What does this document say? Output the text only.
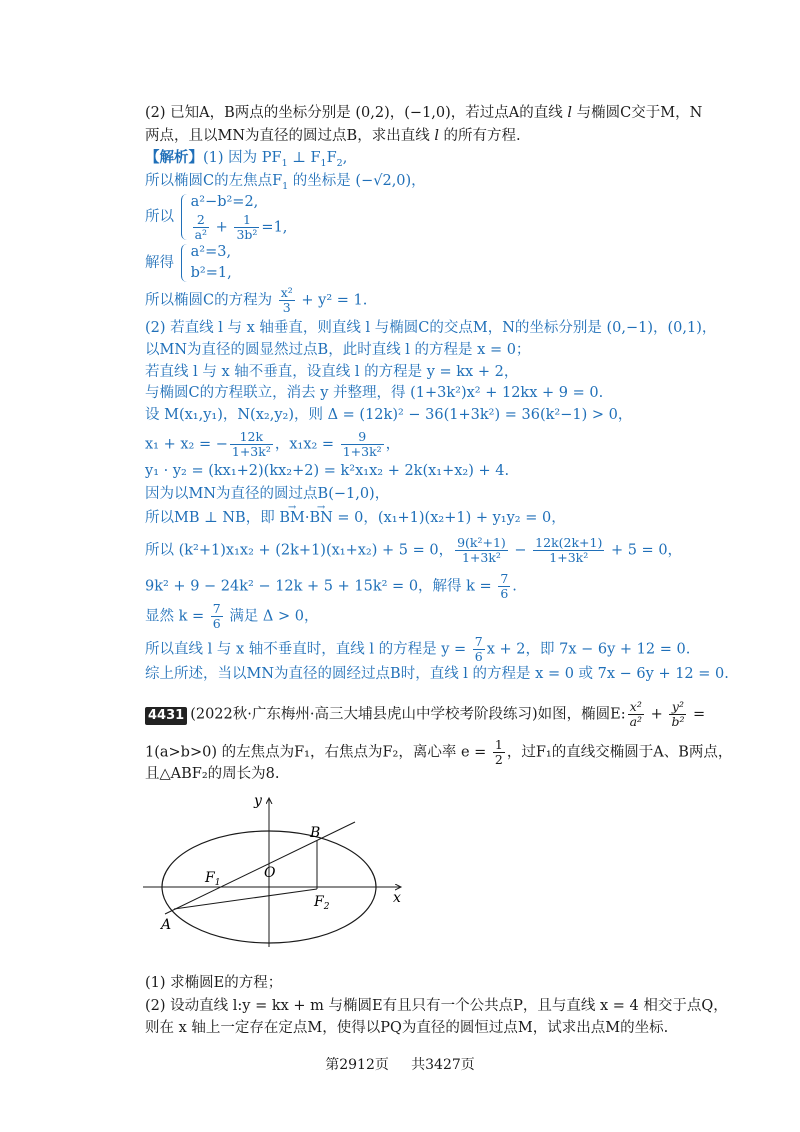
(2) 已知A，B两点的坐标分别是 (0,2)，(−1,0)，若过点A的直线 l 与椭圆C交于M，N
两点，且以MN为直径的圆过点B，求出直线 l 的所有方程.
【解析】(1) 因为 $PF_1$ ⊥ $F_1F_2$,
所以椭圆C的左焦点$F_1$ 的坐标是 (−√2,0)，
所以
a²−b²=2,
$\frac{2}{\text{a²}} + \frac{1}{\text{3b²}} =1$,
解得
a²=3,
b²=1,
所以椭圆C的方程为 $\frac{\text{x²}}{3} + y^2 = 1$.
(2) 若直线 l 与 x 轴垂直，则直线 l 与椭圆C的交点M，N的坐标分别是 (0,−1)，(0,1)，
以MN为直径的圆显然过点B，此时直线 l 的方程是 x = 0；
若直线 l 与 x 轴不垂直，设直线 l 的方程是 y = kx + 2，
与椭圆C的方程联立，消去 y 并整理，得 (1+3k²)x² + 12kx + 9 = 0.
设 M(x₁,y₁)，N(x₂,y₂)，则 Δ = (12k)² − 36(1+3k²) = 36(k²−1) > 0，
x₁ + x₂ = − $\frac{12k}{\text{1+3k²}}$ ，$x_1x_2 = \frac{9}{\text{1+3k²}}$ ，
y₁ · y₂ = (kx₁+2)(kx₂+2) = k²x₁x₂ + 2k(x₁+x₂) + 4.
因为以MN为直径的圆过点B(−1,0)，
所以MB ⊥ NB，即 → BM·→ BN = 0，(x₁+1)(x₂+1) + y₁y₂ = 0，
所以 (k²+1)x₁x₂ + (2k+1)(x₁+x₂) + 5 = 0， $\frac{\text{9(k²+1)}}{\text{1+3k²}} - \frac{12k(2k+1)}{\text{1+3k²}} + 5 = 0$，
9k² + 9 − 24k² − 12k + 5 + 15k² = 0，解得 $k = \frac{7}{6}$ .
显然 $k = \frac{7}{6}$ 满足 Δ > 0，
所以直线 l 与 x 轴不垂直时，直线 l 的方程是 $y = \frac{7}{6}$ x + 2，即 7x − 6y + 12 = 0.
综上所述，当以MN为直径的圆经过点B时，直线 l 的方程是 x = 0 或 7x − 6y + 12 = 0.
4431 (2022秋·广东梅州·高三大埔县虎山中学校考阶段练习)如图，椭圆E: $\frac{\text{x²}}{\text{a²}} + \frac{\text{y²}}{\text{b²}}$ =
1(a>b>0) 的左焦点为F₁，右焦点为F₂，离心率 $e = \frac{1}{2}$ ，过F₁的直线交椭圆于A、B两点，
且△ABF₂的周长为8.
y
x
O
$F_1$
$F_2$
A
B
(1) 求椭圆E的方程；
(2) 设动直线 l:y = kx + m 与椭圆E有且只有一个公共点P，且与直线 x = 4 相交于点Q，
则在 x 轴上一定存在定点M，使得以PQ为直径的圆恒过点M，试求出点M的坐标.
第2912页 共3427页
